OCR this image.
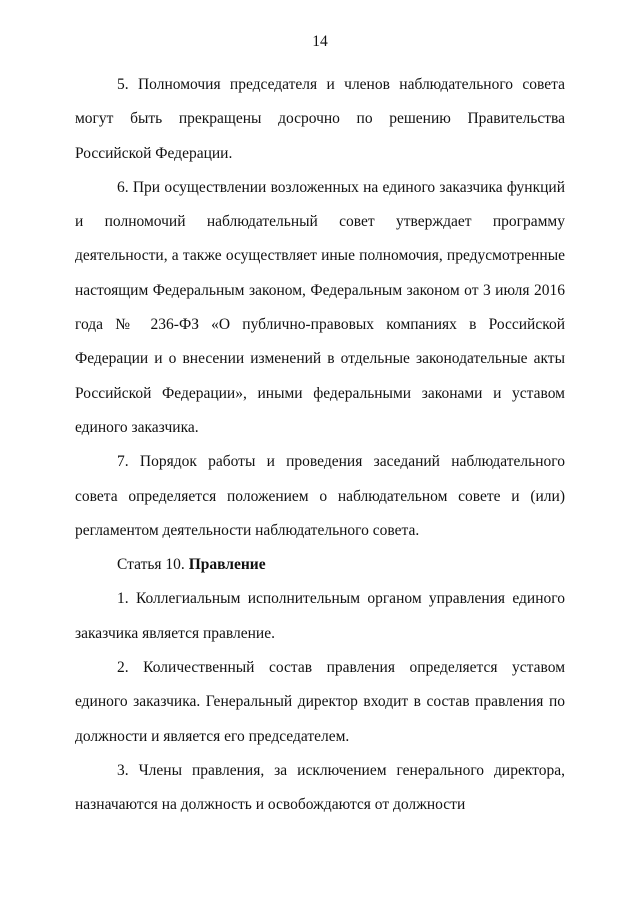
14

5. Полномочия председателя и членов наблюдательного совета могут быть прекращены досрочно по решению Правительства Российской Федерации.

6. При осуществлении возложенных на единого заказчика функций и полномочий наблюдательный совет утверждает программу деятельности, а также осуществляет иные полномочия, предусмотренные настоящим Федеральным законом, Федеральным законом от 3 июля 2016 года № 236-ФЗ «О публично-правовых компаниях в Российской Федерации и о внесении изменений в отдельные законодательные акты Российской Федерации», иными федеральными законами и уставом единого заказчика.

7. Порядок работы и проведения заседаний наблюдательного совета определяется положением о наблюдательном совете и (или) регламентом деятельности наблюдательного совета.

Статья 10. Правление

1. Коллегиальным исполнительным органом управления единого заказчика является правление.

2. Количественный состав правления определяется уставом единого заказчика. Генеральный директор входит в состав правления по должности и является его председателем.

3. Члены правления, за исключением генерального директора, назначаются на должность и освобождаются от должности
